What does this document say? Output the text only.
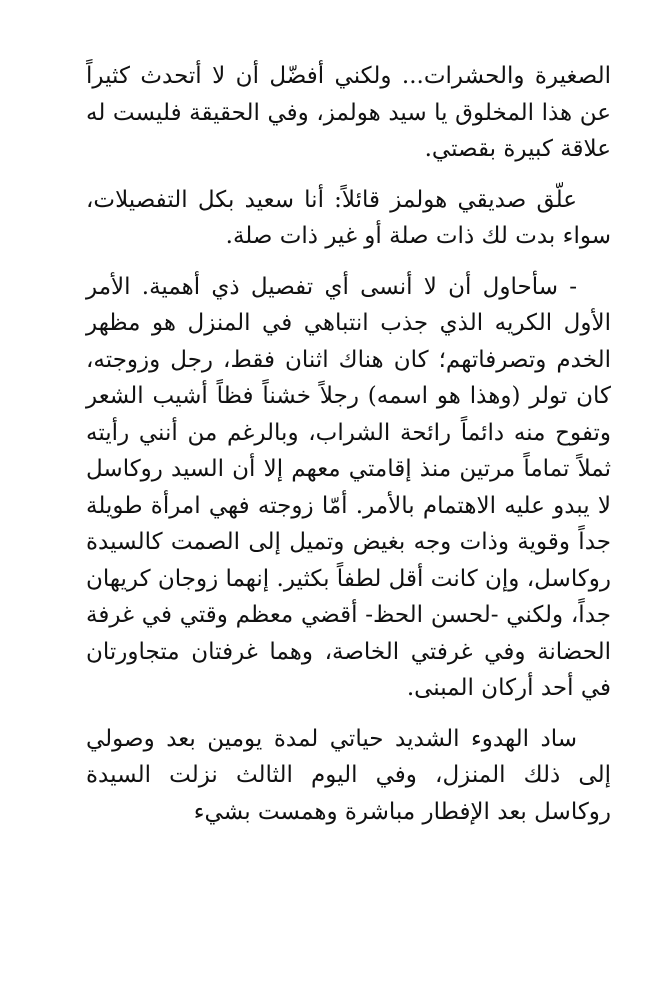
الصغيرة والحشرات... ولكني أفضّل أن لا أتحدث كثيراً عن هذا المخلوق يا سيد هولمز، وفي الحقيقة فليست له علاقة كبيرة بقصتي.

علّق صديقي هولمز قائلاً: أنا سعيد بكل التفصيلات، سواء بدت لك ذات صلة أو غير ذات صلة.

- سأحاول أن لا أنسى أي تفصيل ذي أهمية. الأمر الأول الكريه الذي جذب انتباهي في المنزل هو مظهر الخدم وتصرفاتهم؛ كان هناك اثنان فقط، رجل وزوجته، كان تولر (وهذا هو اسمه) رجلاً خشناً فظاً أشيب الشعر وتفوح منه دائماً رائحة الشراب، وبالرغم من أنني رأيته ثملاً تماماً مرتين منذ إقامتي معهم إلا أن السيد روكاسل لا يبدو عليه الاهتمام بالأمر. أمّا زوجته فهي امرأة طويلة جداً وقوية وذات وجه بغيض وتميل إلى الصمت كالسيدة روكاسل، وإن كانت أقل لطفاً بكثير. إنهما زوجان كريهان جداً، ولكني -لحسن الحظ- أقضي معظم وقتي في غرفة الحضانة وفي غرفتي الخاصة، وهما غرفتان متجاورتان في أحد أركان المبنى.

ساد الهدوء الشديد حياتي لمدة يومين بعد وصولي إلى ذلك المنزل، وفي اليوم الثالث نزلت السيدة روكاسل بعد الإفطار مباشرة وهمست بشيء
